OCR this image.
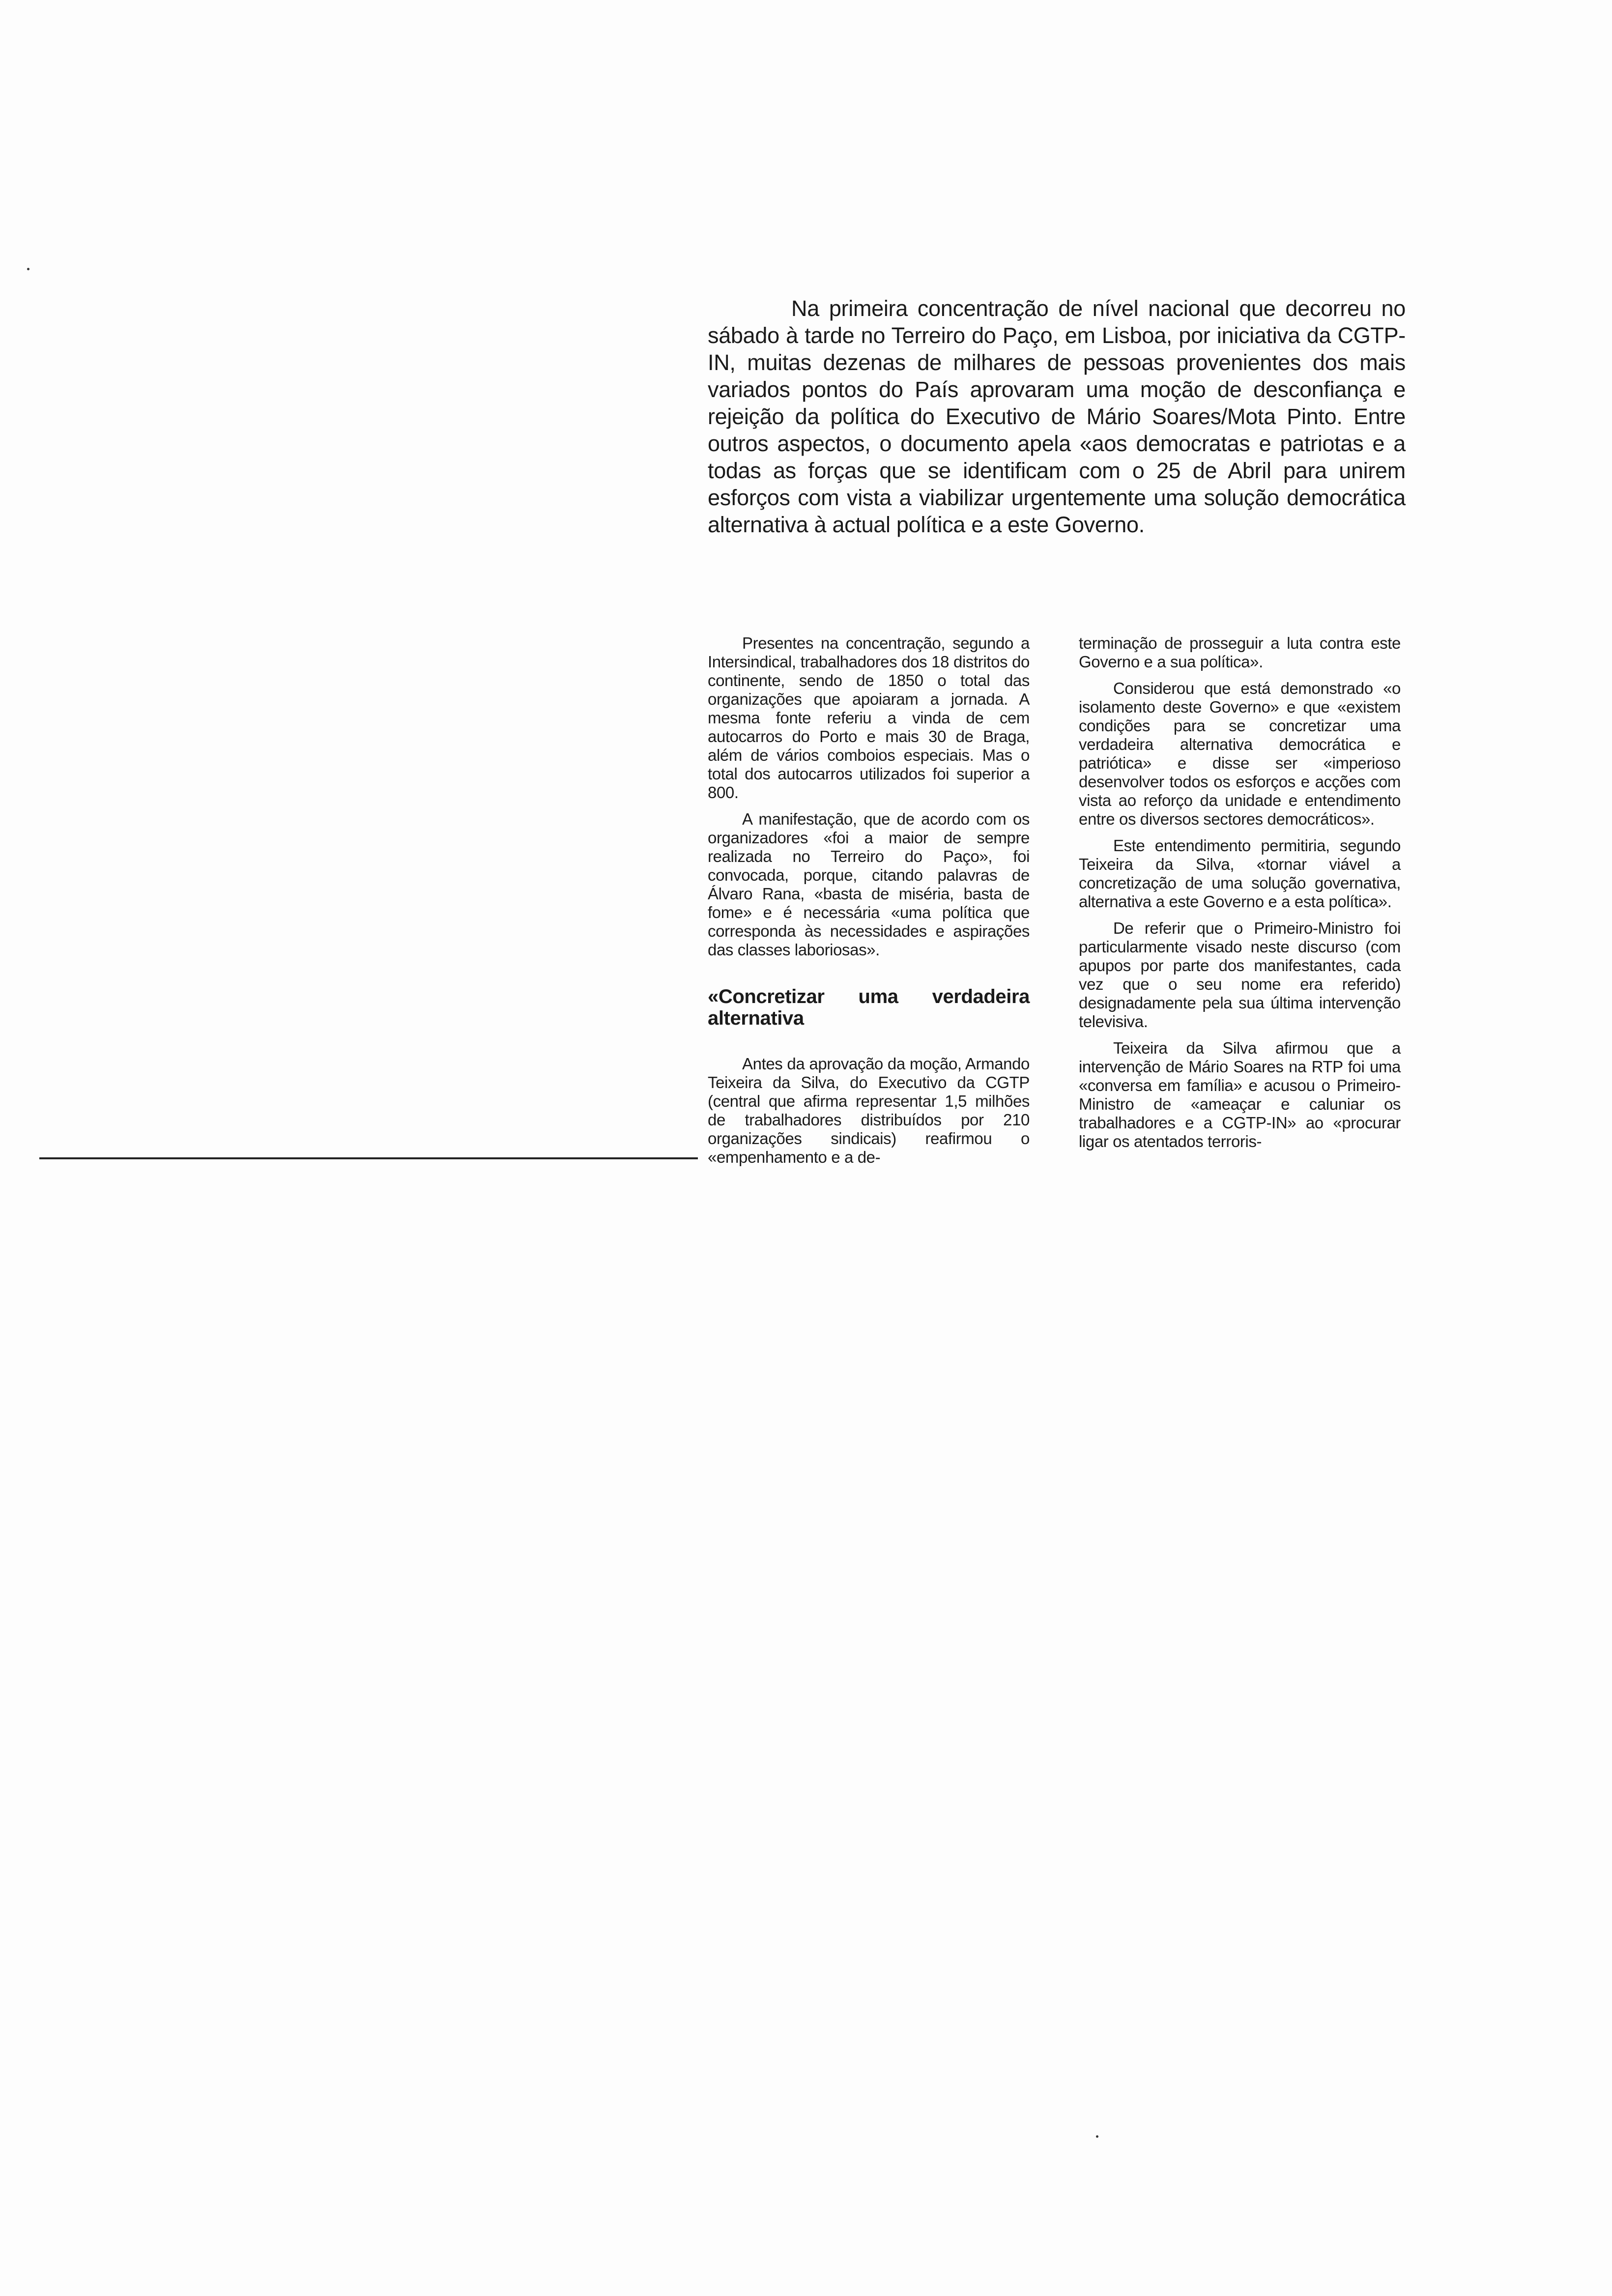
Na primeira concentração de nível nacional que decorreu no sábado à tarde no Terreiro do Paço, em Lisboa, por iniciativa da CGTP-IN, muitas dezenas de milhares de pessoas provenientes dos mais variados pontos do País aprovaram uma moção de desconfiança e rejeição da política do Executivo de Mário Soares/Mota Pinto. Entre outros aspectos, o documento apela «aos democratas e patriotas e a todas as forças que se identificam com o 25 de Abril para unirem esforços com vista a viabilizar urgentemente uma solução democrática alternativa à actual política e a este Governo.

Presentes na concentração, segundo a Intersindical, trabalhadores dos 18 distritos do continente, sendo de 1850 o total das organizações que apoiaram a jornada. A mesma fonte referiu a vinda de cem autocarros do Porto e mais 30 de Braga, além de vários comboios especiais. Mas o total dos autocarros utilizados foi superior a 800.

A manifestação, que de acordo com os organizadores «foi a maior de sempre realizada no Terreiro do Paço», foi convocada, porque, citando palavras de Álvaro Rana, «basta de miséria, basta de fome» e é necessária «uma política que corresponda às necessidades e aspirações das classes laboriosas».

«Concretizar uma verdadeira alternativa

Antes da aprovação da moção, Armando Teixeira da Silva, do Executivo da CGTP (central que afirma representar 1,5 milhões de trabalhadores distribuídos por 210 organizações sindicais) reafirmou o «empenhamento e a de-

terminação de prosseguir a luta contra este Governo e a sua política».

Considerou que está demonstrado «o isolamento deste Governo» e que «existem condições para se concretizar uma verdadeira alternativa democrática e patriótica» e disse ser «imperioso desenvolver todos os esforços e acções com vista ao reforço da unidade e entendimento entre os diversos sectores democráticos».

Este entendimento permitiria, segundo Teixeira da Silva, «tornar viável a concretização de uma solução governativa, alternativa a este Governo e a esta política».

De referir que o Primeiro-Ministro foi particularmente visado neste discurso (com apupos por parte dos manifestantes, cada vez que o seu nome era referido) designadamente pela sua última intervenção televisiva.

Teixeira da Silva afirmou que a intervenção de Mário Soares na RTP foi uma «conversa em família» e acusou o Primeiro-Ministro de «ameaçar e caluniar os trabalhadores e a CGTP-IN» ao «procurar ligar os atentados terroris-
